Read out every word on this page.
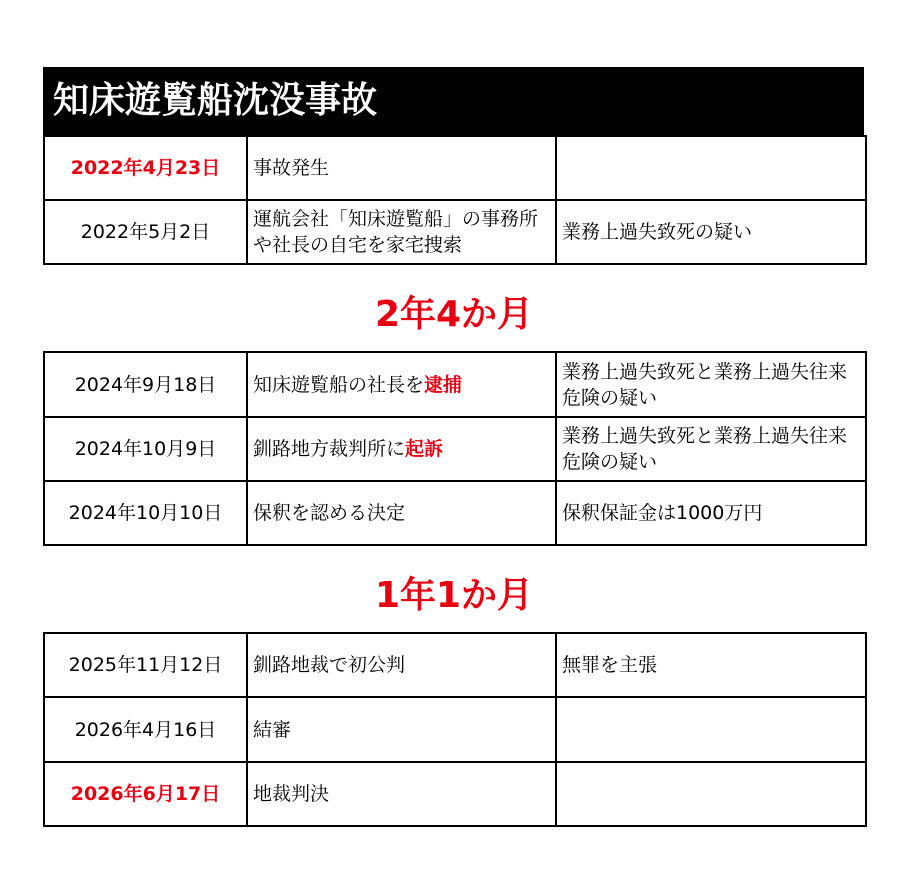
知床遊覧船沈没事故
2022年4月23日	事故発生	
2022年5月2日	運航会社「知床遊覧船」の事務所や社長の自宅を家宅捜索	業務上過失致死の疑い
2年4か月
2024年9月18日	知床遊覧船の社長を逮捕	業務上過失致死と業務上過失往来危険の疑い
2024年10月9日	釧路地方裁判所に起訴	業務上過失致死と業務上過失往来危険の疑い
2024年10月10日	保釈を認める決定	保釈保証金は1000万円
1年1か月
2025年11月12日	釧路地裁で初公判	無罪を主張
2026年4月16日	結審	
2026年6月17日	地裁判決	
